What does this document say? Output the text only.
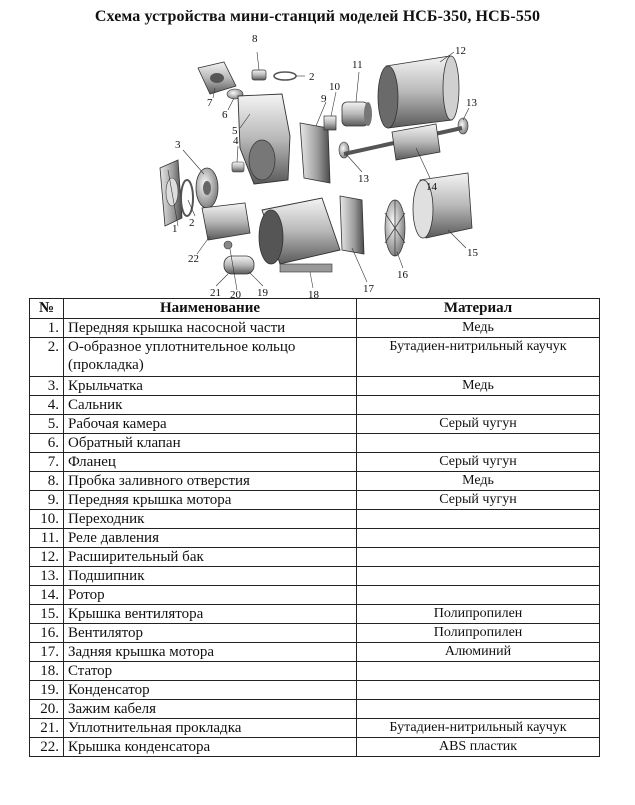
Схема устройства мини-станций моделей НСБ-350, НСБ-550
1 2
3	4
5
6
7
8
2
9
10
11
12
13
13
14
15
16
17
18
19
20
21
22
№	Наименование	Материал
1.	Передняя крышка насосной части	Медь
2.	О-образное уплотнительное кольцо (прокладка)	Бутадиен-нитрильный каучук
3.	Крыльчатка	Медь
4.	Сальник	
5.	Рабочая камера	Серый чугун
6.	Обратный клапан	
7.	Фланец	Серый чугун
8.	Пробка заливного отверстия	Медь
9.	Передняя крышка мотора	Серый чугун
10.	Переходник	
11.	Реле давления	
12.	Расширительный бак	
13.	Подшипник	
14.	Ротор	
15.	Крышка вентилятора	Полипропилен
16.	Вентилятор	Полипропилен
17.	Задняя крышка мотора	Алюминий
18.	Статор	
19.	Конденсатор	
20.	Зажим кабеля	
21.	Уплотнительная прокладка	Бутадиен-нитрильный каучук
22.	Крышка конденсатора	ABS пластик
